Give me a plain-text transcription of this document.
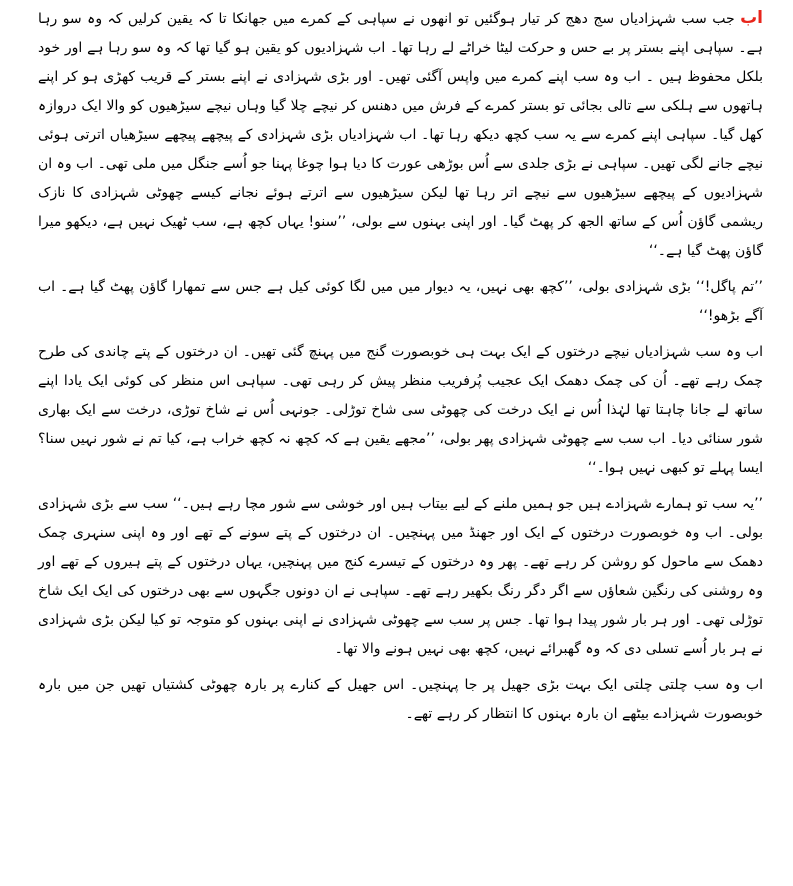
اب جب سب شہزادیاں سج دھج کر تیار ہوگئیں تو انھوں نے سپاہی کے کمرے میں جھانکا تا کہ یقین کرلیں کہ وہ سو رہا ہے۔ سپاہی اپنے بستر پر بے حس و حرکت لیٹا خراٹے لے رہا تھا۔ اب شہزادیوں کو یقین ہو گیا تھا کہ وہ سو رہا ہے اور خود بلکل محفوظ ہیں ۔ اب وہ سب اپنے کمرے میں واپس آگئی تھیں۔ اور بڑی شہزادی نے اپنے بستر کے قریب کھڑی ہو کر اپنے ہاتھوں سے ہلکی سے تالی بجائی تو بستر کمرے کے فرش میں دھنس کر نیچے چلا گیا وہاں نیچے سیڑھیوں کو والا ایک دروازہ کھل گیا۔ سپاہی اپنے کمرے سے یہ سب کچھ دیکھ رہا تھا۔ اب شہزادیاں بڑی شہزادی کے پیچھے پیچھے سیڑھیاں اترتی ہوئی نیچے جانے لگی تھیں۔ سپاہی نے بڑی جلدی سے اُس بوڑھی عورت کا دیا ہوا چوغا پہنا جو اُسے جنگل میں ملی تھی۔ اب وہ ان شہزادیوں کے پیچھے سیڑھیوں سے نیچے اتر رہا تھا لیکن سیڑھیوں سے اترتے ہوئے نجانے کیسے چھوٹی شہزادی کا نازک ریشمی گاؤن اُس کے ساتھ الجھ کر پھٹ گیا۔ اور اپنی بہنوں سے بولی، ’’سنو! یہاں کچھ ہے، سب ٹھیک نہیں ہے، دیکھو میرا گاؤن پھٹ گیا ہے۔‘‘

’’تم پاگل!‘‘ بڑی شہزادی بولی، ’’کچھ بھی نہیں، یہ دیوار میں میں لگا کوئی کیل ہے جس سے تمھارا گاؤن پھٹ گیا ہے۔ اب آگے بڑھو!‘‘

اب وہ سب شہزادیاں نیچے درختوں کے ایک بہت ہی خوبصورت گنج میں پہنچ گئی تھیں۔ ان درختوں کے پتے چاندی کی طرح چمک رہے تھے۔ اُن کی چمک دھمک ایک عجیب پُرفریب منظر پیش کر رہی تھی۔ سپاہی اس منظر کی کوئی ایک یادا اپنے ساتھ لے جانا چاہتا تھا لہٰذا اُس نے ایک درخت کی چھوٹی سی شاخ توڑلی۔ جونہی اُس نے شاخ توڑی، درخت سے ایک بھاری شور سنائی دیا۔ اب سب سے چھوٹی شہزادی پھر بولی، ’’مجھے یقین ہے کہ کچھ نہ کچھ خراب ہے، کیا تم نے شور نہیں سنا؟ ایسا پہلے تو کبھی نہیں ہوا۔‘‘

’’یہ سب تو ہمارے شہزادے ہیں جو ہمیں ملنے کے لیے بیتاب ہیں اور خوشی سے شور مچا رہے ہیں۔‘‘ سب سے بڑی شہزادی بولی۔ اب وہ خوبصورت درختوں کے ایک اور جھنڈ میں پہنچیں۔ ان درختوں کے پتے سونے کے تھے اور وہ اپنی سنہری چمک دھمک سے ماحول کو روشن کر رہے تھے۔ پھر وہ درختوں کے تیسرے کنج میں پہنچیں، یہاں درختوں کے پتے ہیروں کے تھے اور وہ روشنی کی رنگین شعاؤں سے اگر دگر رنگ بکھیر رہے تھے۔ سپاہی نے ان دونوں جگہوں سے بھی درختوں کی ایک ایک شاخ توڑلی تھی۔ اور ہر بار شور پیدا ہوا تھا۔ جس پر سب سے چھوٹی شہزادی نے اپنی بہنوں کو متوجہ تو کیا لیکن بڑی شہزادی نے ہر بار اُسے تسلی دی کہ وہ گھبرائے نہیں، کچھ بھی نہیں ہونے والا تھا۔

اب وہ سب چلتی چلتی ایک بہت بڑی جھیل پر جا پہنچیں۔ اس جھیل کے کنارے پر بارہ چھوٹی کشتیاں تھیں جن میں بارہ خوبصورت شہزادے بیٹھے ان بارہ بہنوں کا انتظار کر رہے تھے۔
